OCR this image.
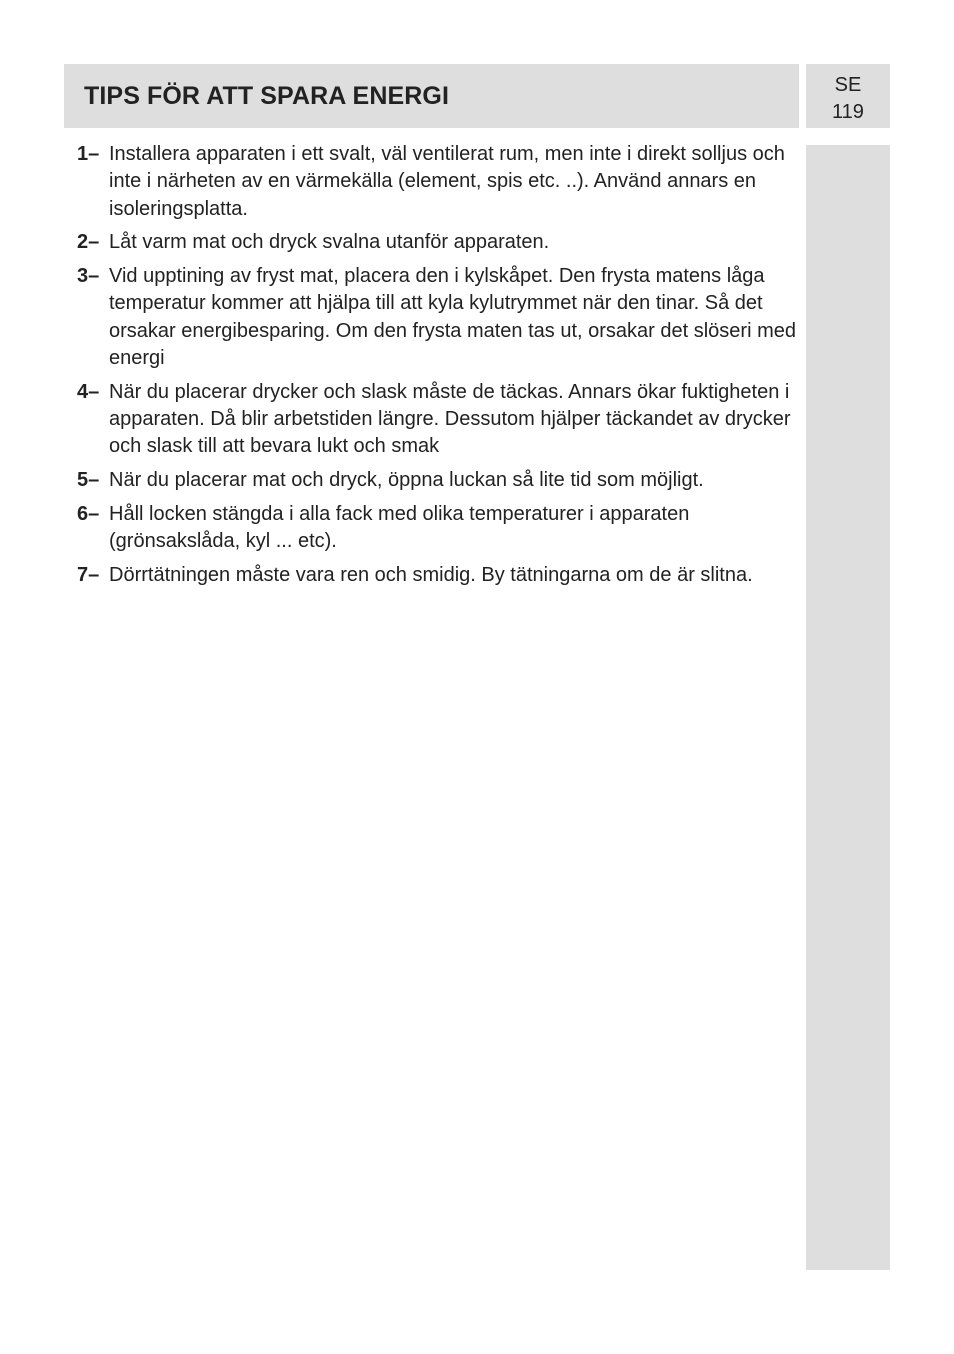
TIPS FÖR ATT SPARA ENERGI	SE
119
1– Installera apparaten i ett svalt, väl ventilerat rum, men inte i direkt solljus och inte i närheten av en värmekälla (element, spis etc. ..). Använd annars en isoleringsplatta.
2– Låt varm mat och dryck svalna utanför apparaten.
3– Vid upptining av fryst mat, placera den i kylskåpet. Den frysta matens låga temperatur kommer att hjälpa till att kyla kylutrymmet när den tinar. Så det orsakar energibesparing. Om den frysta maten tas ut, orsakar det slöseri med energi
4– När du placerar drycker och slask måste de täckas. Annars ökar fuktigheten i apparaten. Då blir arbetstiden längre. Dessutom hjälper täckandet av drycker och slask till att bevara lukt och smak
5– När du placerar mat och dryck, öppna luckan så lite tid som möjligt.
6– Håll locken stängda i alla fack med olika temperaturer i apparaten (grönsakslåda, kyl ... etc).
7– Dörrtätningen måste vara ren och smidig. By tätningarna om de är slitna.
